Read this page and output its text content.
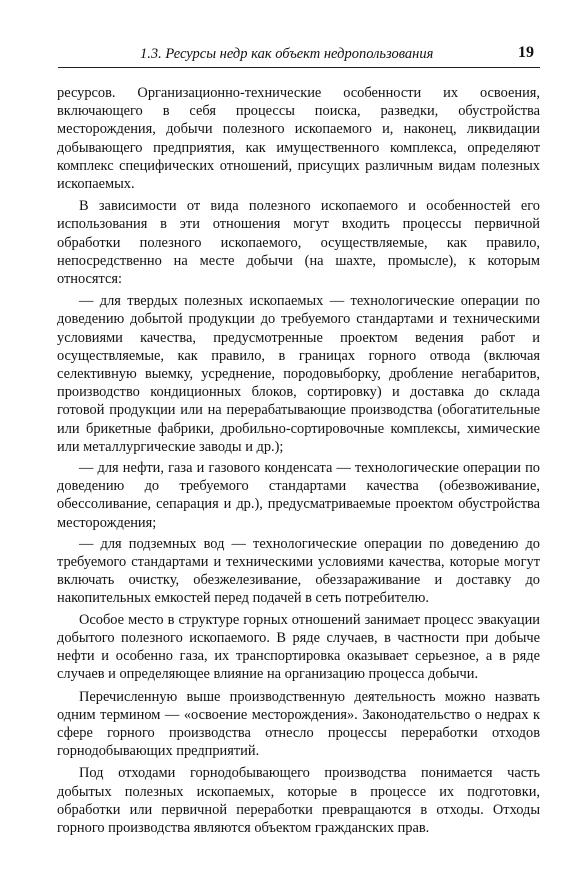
1.3. Ресурсы недр как объект недропользования	19

ресурсов. Организационно-технические особенности их освоения, включающего в себя процессы поиска, разведки, обустройства месторождения, добычи полезного ископаемого и, наконец, ликвидации добывающего предприятия, как имущественного комплекса, определяют комплекс специфических отношений, присущих различным видам полезных ископаемых.

В зависимости от вида полезного ископаемого и особенностей его использования в эти отношения могут входить процессы первичной обработки полезного ископаемого, осуществляемые, как правило, непосредственно на месте добычи (на шахте, промысле), к которым относятся:

— для твердых полезных ископаемых — технологические операции по доведению добытой продукции до требуемого стандартами и техническими условиями качества, предусмотренные проектом ведения работ и осуществляемые, как правило, в границах горного отвода (включая селективную выемку, усреднение, породовыборку, дробление негабаритов, производство кондиционных блоков, сортировку) и доставка до склада готовой продукции или на перерабатывающие производства (обогатительные или брикетные фабрики, дробильно-сортировочные комплексы, химические или металлургические заводы и др.);

— для нефти, газа и газового конденсата — технологические операции по доведению до требуемого стандартами качества (обезвоживание, обессоливание, сепарация и др.), предусматриваемые проектом обустройства месторождения;

— для подземных вод — технологические операции по доведению до требуемого стандартами и техническими условиями качества, которые могут включать очистку, обезжелезивание, обеззараживание и доставку до накопительных емкостей перед подачей в сеть потребителю.

Особое место в структуре горных отношений занимает процесс эвакуации добытого полезного ископаемого. В ряде случаев, в частности при добыче нефти и особенно газа, их транспортировка оказывает серьезное, а в ряде случаев и определяющее влияние на организацию процесса добычи.

Перечисленную выше производственную деятельность можно назвать одним термином — «освоение месторождения». Законодательство о недрах к сфере горного производства отнесло процессы переработки отходов горнодобывающих предприятий.

Под отходами горнодобывающего производства понимается часть добытых полезных ископаемых, которые в процессе их подготовки, обработки или первичной переработки превращаются в отходы. Отходы горного производства являются объектом гражданских прав.
